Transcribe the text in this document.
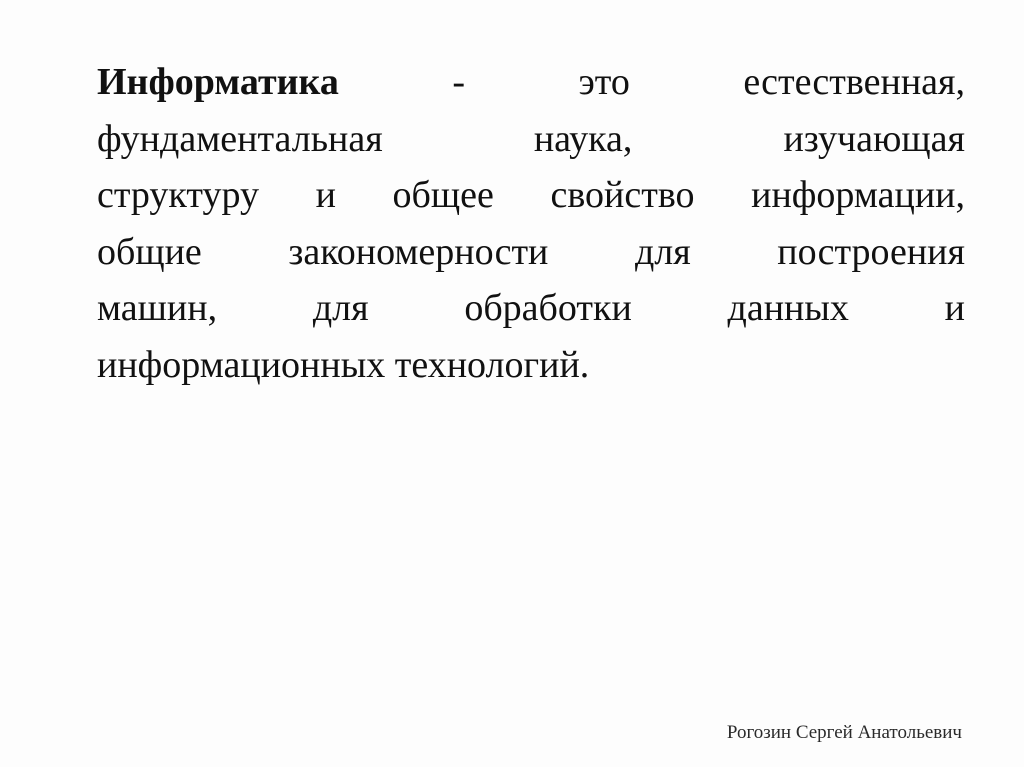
Информатика	- это естественная,
фундаментальная наука, изучающая
структуру и общее свойство информации,
общие закономерности для построения
машин, для обработки данных и
информационных технологий.

Рогозин Сергей Анатольевич
